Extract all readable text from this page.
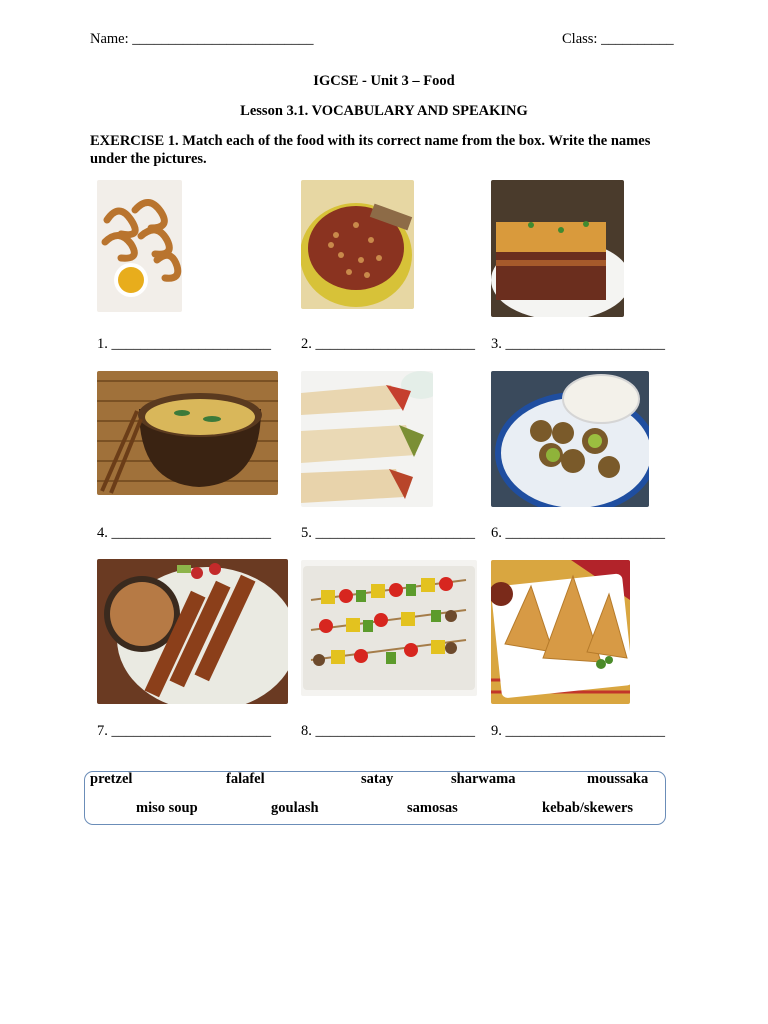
Name: _________________________	Class: __________
IGCSE - Unit 3 – Food
Lesson 3.1. VOCABULARY AND SPEAKING
EXERCISE 1. Match each of the food with its correct name from the box. Write the names under the pictures.
1. ______________________ 2. ______________________ 3. ______________________
4. ______________________ 5. ______________________ 6. ______________________
7. ______________________ 8. ______________________ 9. ______________________
pretzel	falafel	satay	sharwama	moussaka
miso soup	goulash	samosas	kebab/skewers
